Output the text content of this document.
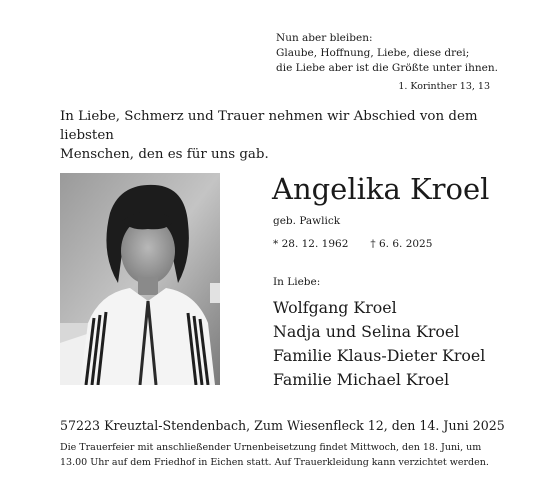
Nun aber bleiben:
Glaube, Hoffnung, Liebe, diese drei;
die Liebe aber ist die Größte unter ihnen.
1. Korinther 13, 13
In Liebe, Schmerz und Trauer nehmen wir Abschied von dem liebsten
Menschen, den es für uns gab.
Angelika Kroel
geb. Pawlick
* 28. 12. 1962 † 6. 6. 2025
In Liebe:
Wolfgang Kroel
Nadja und Selina Kroel
Familie Klaus-Dieter Kroel
Familie Michael Kroel
57223 Kreuztal-Stendenbach, Zum Wiesenfleck 12, den 14. Juni 2025
Die Trauerfeier mit anschließender Urnenbeisetzung findet Mittwoch, den 18. Juni, um

13.00 Uhr auf dem Friedhof in Eichen statt. Auf Trauerkleidung kann verzichtet werden.
